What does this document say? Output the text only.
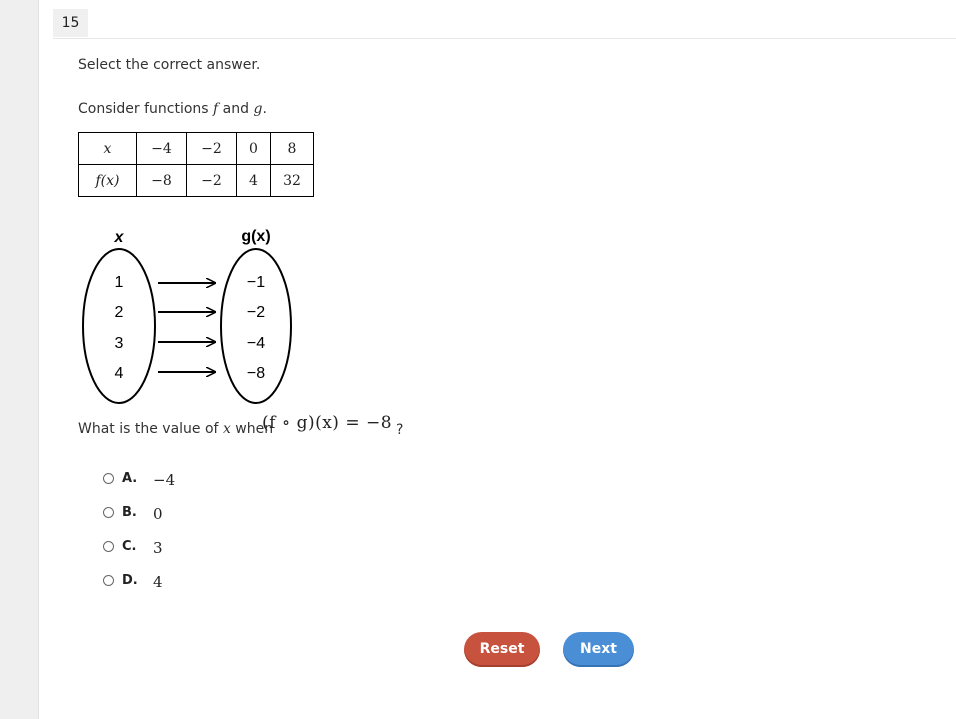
15
Select the correct answer.
Consider functions f and g.
x	−4	−2	0	8
f(x)	−8	−2	4	32
x	g(x)
1
2
3
4
−1
−2
−4
−8
What is the value of x when
(f ∘ g)(x) = −8 ?
A. −4
B. 0
C. 3
D. 4
Reset	Next
